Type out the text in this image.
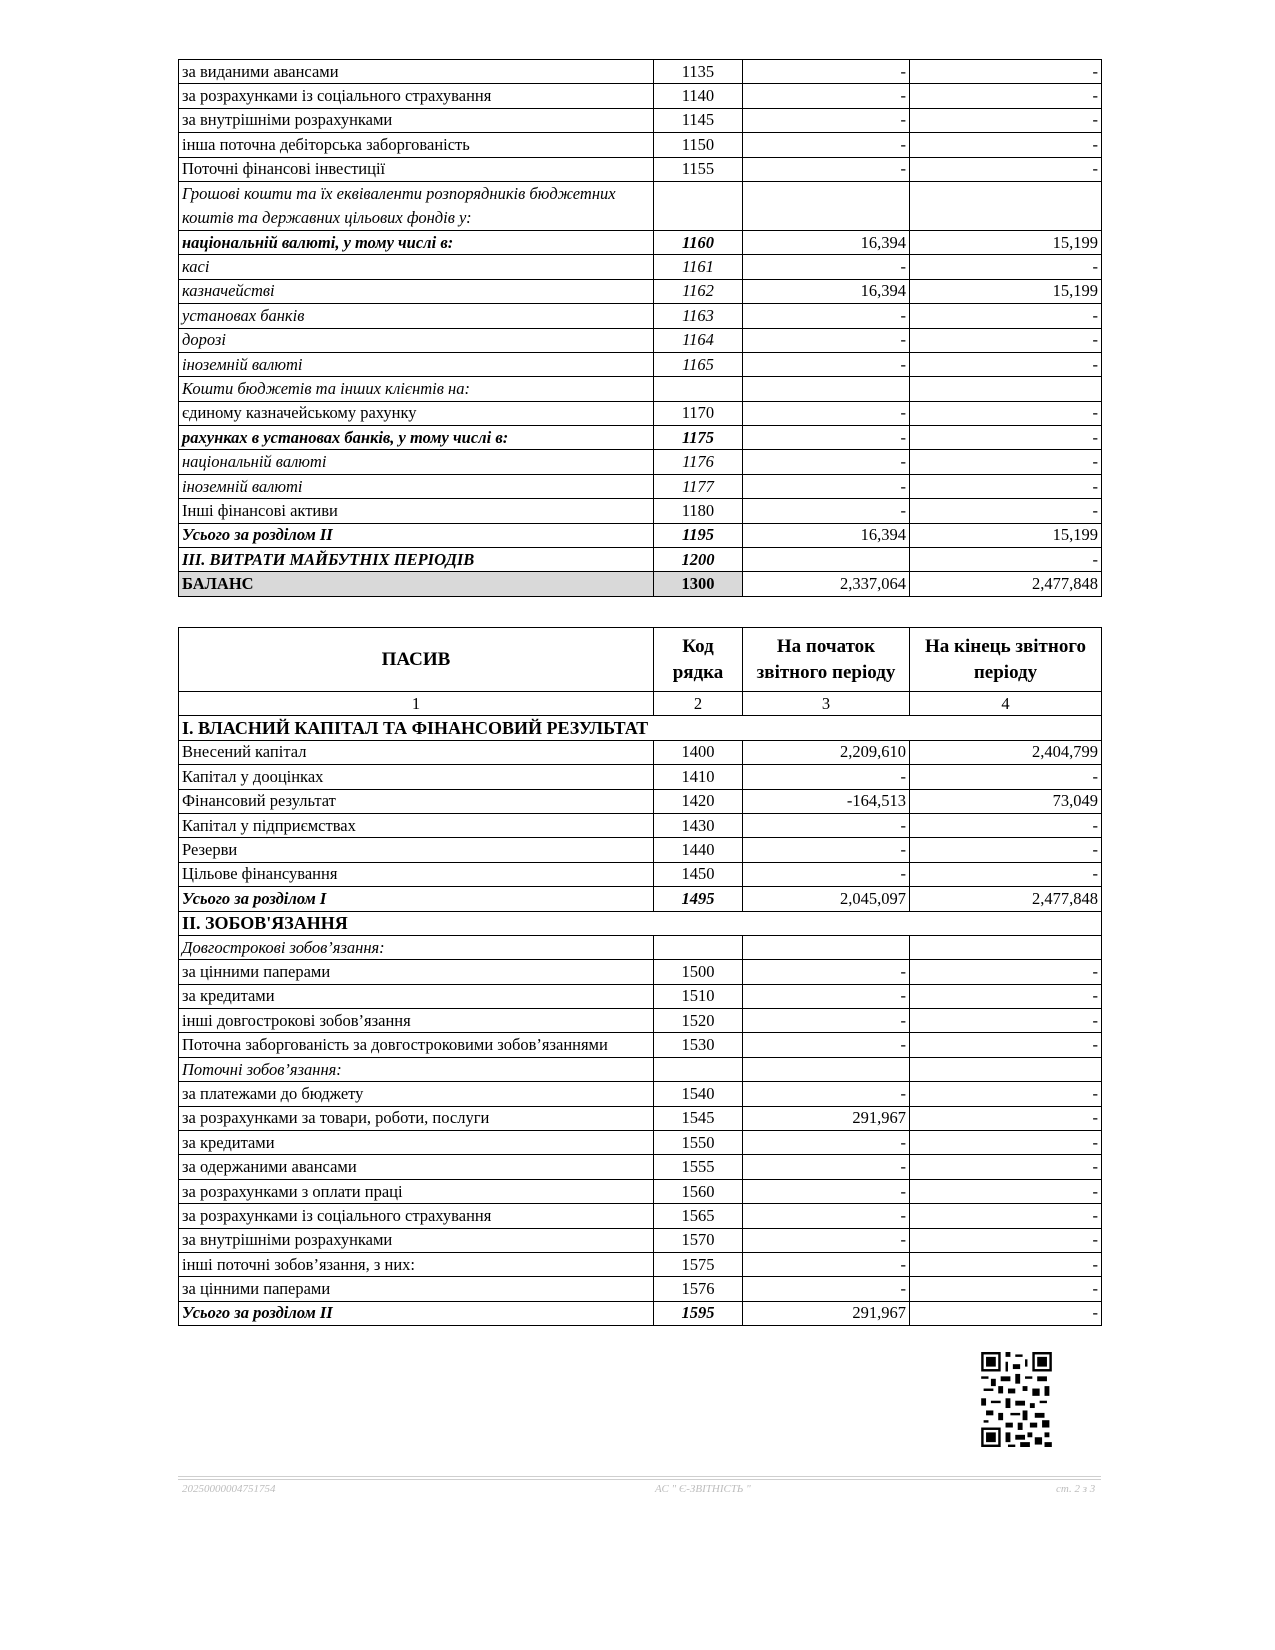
за виданими авансами	1135	-	-
за розрахунками із соціального страхування	1140	-	-
за внутрішніми розрахунками	1145	-	-
інша поточна дебіторська заборгованість	1150	-	-
Поточні фінансові інвестиції	1155	-	-
Грошові кошти та їх еквіваленти розпорядників бюджетних коштів та державних цільових фондів у:			
національній валюті, у тому числі в:	1160	16,394	15,199
касі	1161	-	-
казначействі	1162	16,394	15,199
установах банків	1163	-	-
дорозі	1164	-	-
іноземній валюті	1165	-	-
Кошти бюджетів та інших клієнтів на:			
єдиному казначейському рахунку	1170	-	-
рахунках в установах банків, у тому числі в:	1175	-	-
національній валюті	1176	-	-
іноземній валюті	1177	-	-
Інші фінансові активи	1180	-	-
Усього за розділом II	1195	16,394	15,199
III. ВИТРАТИ МАЙБУТНІХ ПЕРІОДІВ	1200		-
БАЛАНС	1300	2,337,064	2,477,848
ПАСИВ	Код рядка	На початок звітного періоду	На кінець звітного періоду
1	2	3	4
I. ВЛАСНИЙ КАПІТАЛ ТА ФІНАНСОВИЙ РЕЗУЛЬТАТ			
Внесений капітал	1400	2,209,610	2,404,799
Капітал у дооцінках	1410	-	-
Фінансовий результат	1420	-164,513	73,049
Капітал у підприємствах	1430	-	-
Резерви	1440	-	-
Цільове фінансування	1450	-	-
Усього за розділом I	1495	2,045,097	2,477,848
II. ЗОБОВ'ЯЗАННЯ			
Довгострокові зобов’язання:			
за цінними паперами	1500	-	-
за кредитами	1510	-	-
інші довгострокові зобов’язання	1520	-	-
Поточна заборгованість за довгостроковими зобов’язаннями	1530	-	-
Поточні зобов’язання:			
за платежами до бюджету	1540	-	-
за розрахунками за товари, роботи, послуги	1545	291,967	-
за кредитами	1550	-	-
за одержаними авансами	1555	-	-
за розрахунками з оплати праці	1560	-	-
за розрахунками із соціального страхування	1565	-	-
за внутрішніми розрахунками	1570	-	-
інші поточні зобов’язання, з них:	1575	-	-
за цінними паперами	1576	-	-
Усього за розділом II	1595	291,967	-
20250000004751754	АС " Є-ЗВІТНІСТЬ "	ст. 2 з 3
